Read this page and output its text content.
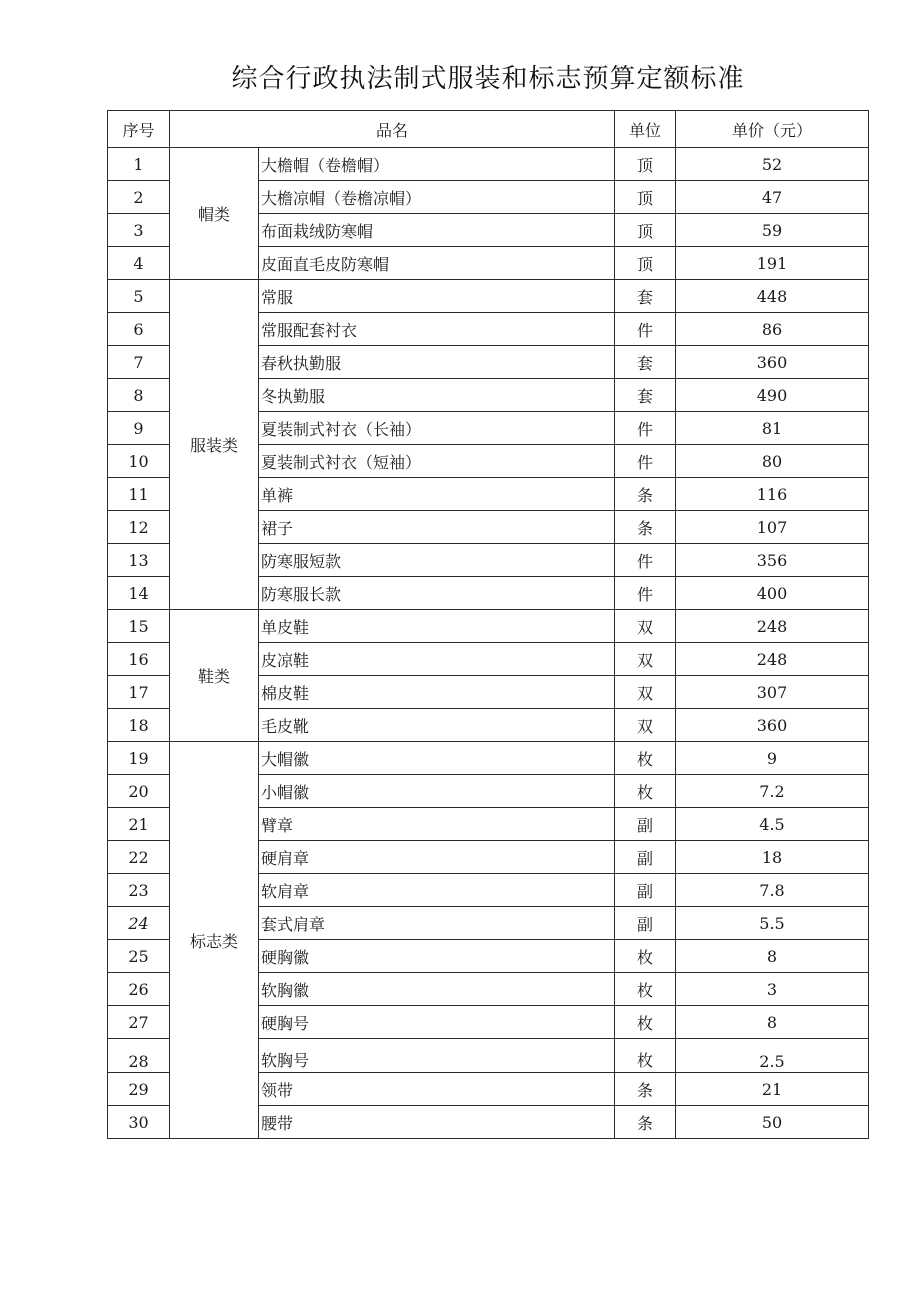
综合行政执法制式服装和标志预算定额标准
序号	品名		单位	单价（元）
1	帽类	大檐帽（卷檐帽）	顶	52
2		大檐凉帽（卷檐凉帽）	顶	47
3		布面栽绒防寒帽	顶	59
4		皮面直毛皮防寒帽	顶	191
5	服装类	常服	套	448
6		常服配套衬衣	件	86
7		春秋执勤服	套	360
8		冬执勤服	套	490
9		夏装制式衬衣（长袖）	件	81
10		夏装制式衬衣（短袖）	件	80
11		单裤	条	116
12		裙子	条	107
13		防寒服短款	件	356
14		防寒服长款	件	400
15	鞋类	单皮鞋	双	248
16		皮凉鞋	双	248
17		棉皮鞋	双	307
18		毛皮靴	双	360
19	标志类	大帽徽	枚	9
20		小帽徽	枚	7.2
21		臂章	副	4.5
22		硬肩章	副	18
23		软肩章	副	7.8
24		套式肩章	副	5.5
25		硬胸徽	枚	8
26		软胸徽	枚	3
27		硬胸号	枚	8
28		软胸号	枚	2.5
29		领带	条	21
30		腰带	条	50
